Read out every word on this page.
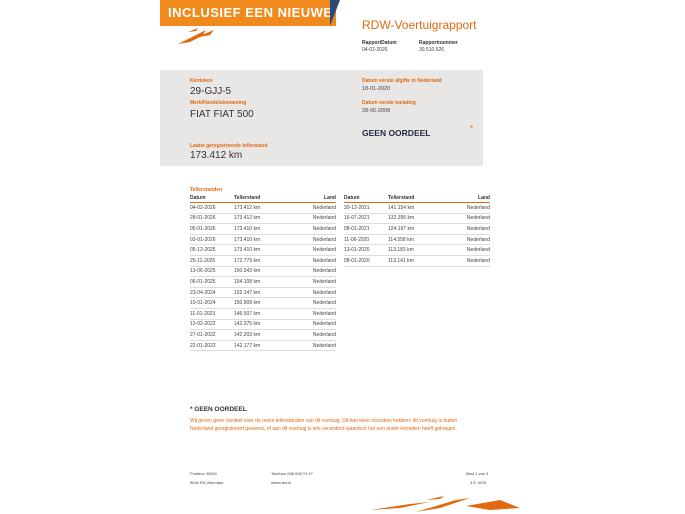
INCLUSIEF EEN NIEUWE APK
RDW-Voertuigrapport
RapportDatum
04-02-2026
Rapportnummer
30.510.626
Kenteken
29-GJJ-5
Merk/Handelsbenaming
FIAT FIAT 500
Laatst geregistreerde tellerstand
173.412 km
Datum eerste afgifte in Nederland
18-01-2020
Datum eerste toelating
28-06-2008
GEEN OORDEEL	*
Tellerstanden
Datum	Tellerstand	Land
04-02-2026	173.412 km	Nederland
28-01-2026	173.412 km	Nederland
05-01-2026	173.410 km	Nederland
03-01-2026	173.410 km	Nederland
05-12-2025	173.410 km	Nederland
25-11-2025	172.779 km	Nederland
13-06-2025	160.543 km	Nederland
06-01-2025	154.108 km	Nederland
23-04-2024	152.147 km	Nederland
10-01-2024	150.909 km	Nederland
11-01-2023	146.507 km	Nederland
12-02-2022	142.375 km	Nederland
27-01-2022	142.203 km	Nederland
22-01-2022	142.177 km	Nederland
Datum	Tellerstand	Land
30-12-2021	141.154 km	Nederland
16-07-2021	132.395 km	Nederland
08-01-2021	124.197 km	Nederland
11-06-2020	114.558 km	Nederland
13-01-2020	113.183 km	Nederland
08-01-2020	113.141 km	Nederland
* GEEN OORDEEL
Wij geven geen oordeel over de reeks tellerstanden van dit voertuig. Dit kan twee oorzaken hebben: dit voertuig is buiten Nederland geregistreerd geweest, of aan dit voertuig is iets veranderd waardoor het een ander kenteken heeft gekregen.
Postbus 30000
9640 RA Veendam
Telefoon 088 008 74 47
www.rdw.nl
Blad 1 van 3
3 E 1678
